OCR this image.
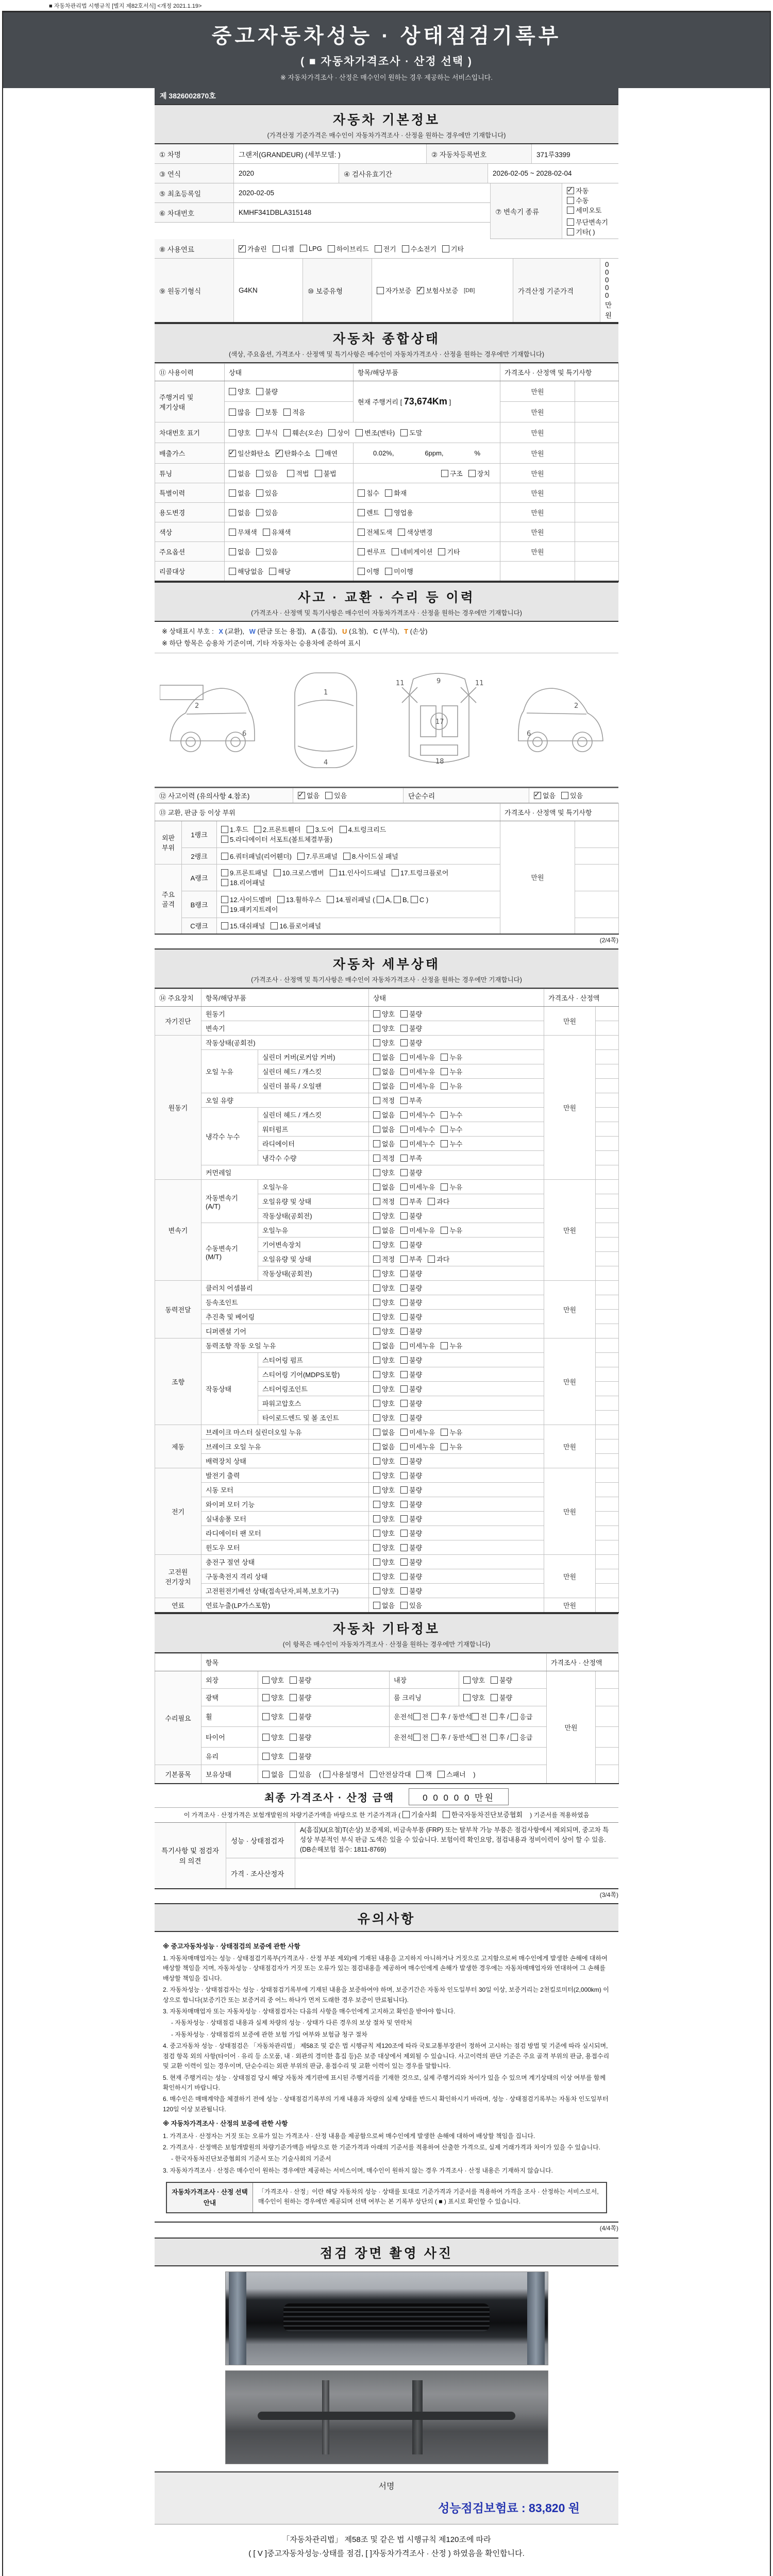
■ 자동차관리법 시행규칙 [별지 제82호서식] <개정 2021.1.19>
중고자동차성능 · 상태점검기록부
( ■ 자동차가격조사 · 산정 선택 )
※ 자동차가격조사 · 산정은 매수인이 원하는 경우 제공하는 서비스입니다.
제 3826002870호
자동차 기본정보
(가격산정 기준가격은 매수인이 자동차가격조사 · 산정을 원하는 경우에만 기재합니다)
① 차명	그랜저(GRANDEUR) (세부모델: )	② 자동차등록번호	371루3399
③ 연식	2020	④ 검사유효기간	2026-02-05 ~ 2028-02-04
⑤ 최초등록일	2020-02-05
⑥ 차대번호	KMHF341DBLA315148	⑦ 변속기 종류
✓자동수동세미오토
무단변속기기타( )
⑧ 사용연료 ✓	가솔린	디젤	LPG	하이브리드	전기	수소전기	기타
⑨ 원동기형식	G4KN	⑩ 보증유형	자가보증 ✓	보험사보증 [DB]	가격산정 기준가격
0 0 0 0 0 만원
자동차 종합상태
(색상, 주요옵션, 가격조사 · 산정액 및 특기사항은 매수인이 자동차가격조사 · 산정을 원하는 경우에만 기재합니다)
⑪ 사용이력	상태	항목/해당부품	가격조사 · 산정액 및 특기사항	
주행거리 및 계기상태	양호 불량	현재 주행거리 [ 73,674Km ]	만원	
	많음 보통 적음		만원	
차대번호 표기	양호 부식 훼손(오손) 상이 변조(변타) 도말		만원	
배출가스	✓일산화탄소 ✓ 탄화수소 매연	0.02%, 6ppm, %	만원	
튜닝	없음 있음 적법 불법	구조 장치	만원	
특별이력	없음 있음	침수 화재	만원	
용도변경	없음 있음	렌트 영업용	만원	
색상	무채색 유채색	전체도색 색상변경	만원	
주요옵션	없음 있음	썬루프 네비게이션 기타	만원	
리콜대상	해당없음 해당	이행 미이행		
사고 · 교환 · 수리 등 이력
(가격조사 · 산정액 및 특기사항은 매수인이 자동차가격조사 · 산정을 원하는 경우에만 기재합니다)
※ 상태표시 부호 : X (교환), W (판금 또는 용접), A (흠집), U (요철), C (부식), T (손상)
※ 하단 항목은 승용차 기준이며, 기타 자동차는 승용차에 준하여 표시
2
6
1
4
11	11
9
17
18
2
6
⑫ 사고이력 (유의사항 4.참조) ✓	없음	있음	단순수리 ✓	없음	있음
⑬ 교환, 판금 등 이상 부위			가격조사 · 산정액 및 특기사항	
외판 부위	1랭크	1.후드 2.프론트휀더 3.도어 4.트렁크리드
5.라디에이터 서포트(볼트체결부품)	만원	
	2랭크	6.쿼터패널(리어휀더) 7.루프패널 8.사이드실 패널		
주요 골격	A랭크	9.프론트패널 10.크로스멤버 11.인사이드패널 17.트렁크플로어
18.리어패널		
	B랭크	12.사이드멤버 13.휠하우스 14.필러패널 ( A, B, C )
19.패키지트레이		
	C랭크	15.대쉬패널 16.플로어패널		
(2/4쪽)
자동차 세부상태
(가격조사 · 산정액 및 특기사항은 매수인이 자동차가격조사 · 산정을 원하는 경우에만 기재합니다)
⑭ 주요장치	항목/해당부품		상태	가격조사 · 산정액	
자기진단	원동기		양호 불량	만원	
	변속기		양호 불량		
원동기	작동상태(공회전)		양호 불량	만원	
	오일 누유	실린더 커버(로커암 커버)	없음 미세누유 누유		
		실린더 헤드 / 개스킷	없음 미세누유 누유		
		실린더 블록 / 오일팬	없음 미세누유 누유		
	오일 유량		적정 부족		
	냉각수 누수	실린더 헤드 / 개스킷	없음 미세누수 누수		
		워터펌프	없음 미세누수 누수		
		라디에이터	없음 미세누수 누수		
		냉각수 수량	적정 부족		
	커먼레일		양호 불량		
변속기	자동변속기 (A/T)	오일누유	없음 미세누유 누유	만원	
		오일유량 및 상태	적정 부족 과다		
		작동상태(공회전)	양호 불량		
	수동변속기 (M/T)	오일누유	없음 미세누유 누유		
		기어변속장치	양호 불량		
		오일유량 및 상태	적정 부족 과다		
		작동상태(공회전)	양호 불량		
동력전달	클러치 어셈블리		양호 불량	만원	
	등속조인트		양호 불량		
	추진축 및 베어링		양호 불량		
	디퍼렌셜 기어		양호 불량		
조향	동력조향 작동 오일 누유		없음 미세누유 누유	만원	
	작동상태	스티어링 펌프	양호 불량		
		스티어링 기어(MDPS포함)	양호 불량		
		스티어링조인트	양호 불량		
		파워고압호스	양호 불량		
		타이로드엔드 및 볼 조인트	양호 불량		
제동	브레이크 마스터 실린더오일 누유		없음 미세누유 누유	만원	
	브레이크 오일 누유		없음 미세누유 누유		
	배력장치 상태		양호 불량		
전기	발전기 출력		양호 불량	만원	
	시동 모터		양호 불량		
	와이퍼 모터 기능		양호 불량		
	실내송풍 모터		양호 불량		
	라디에이터 팬 모터		양호 불량		
	윈도우 모터		양호 불량		
고전원 전기장치	충전구 절연 상태		양호 불량	만원	
	구동축전지 격리 상태		양호 불량		
	고전원전기배선 상태(접속단자,피복,보호기구)		양호 불량		
연료	연료누출(LP가스포함)		없음 있음	만원	
자동차 기타정보
(이 항목은 매수인이 자동차가격조사 · 산정을 원하는 경우에만 기재합니다)
	항목				가격조사 · 산정액	
수리필요	외장	양호 불량	내장	양호 불량	만원	
	광택	양호 불량	룸 크리닝	양호 불량		
	휠	양호 불량	운전석 전 후 / 동반석 전 후 / 응급			
	타이어	양호 불량	운전석 전 후 / 동반석 전 후 / 응급			
	유리	양호 불량				
기본품목	보유상태	없음 있음 ( 사용설명서 안전삼각대 잭 스패너 )				
최종 가격조사 · 산정 금액	0 0 0 0 0 만원
이 가격조사 · 산정가격은 보험개발원의 차량기준가액을 바탕으로 한 기준가격과 ( 기술사회 한국자동차진단보증협회 ) 기준서를 적용하였음
특기사항 및 점검자의 의견
성능 · 상태점검자
A(흠집)U(요철)T(손상) 보증제외, 비금속부품 (FRP) 또는 탈부착 가능 부품은 점검사항에서 제외되며, 중고차 특성상 부분적인 부식 판금 도색은 있을 수 있습니다. 보험이력 확인요망, 점검내용과 정비이력이 상이 할 수 있음. (DB손해보험 접수: 1811-8769)
가격 · 조사산정자
(3/4쪽)
유의사항
※ 중고자동차성능 · 상태점검의 보증에 관한 사항

1. 자동차매매업자는 성능 · 상태점검기록부(가격조사 · 산정 부분 제외)에 기재된 내용을 고지하지 아니하거나 거짓으로 고지함으로써 매수인에게 발생한 손해에 대하여 배상할 책임을 지며, 자동차성능 · 상태점검자가 거짓 또는 오류가 있는 점검내용을 제공하여 매수인에게 손해가 발생한 경우에는 자동차매매업자와 연대하여 그 손해를 배상할 책임을 집니다.

2. 자동차성능 · 상태점검자는 성능 · 상태점검기록부에 기재된 내용을 보증하여야 하며, 보증기간은 자동차 인도일부터 30일 이상, 보증거리는 2천킬로미터(2,000km) 이상으로 합니다(보증기간 또는 보증거리 중 어느 하나가 먼저 도래한 경우 보증이 만료됩니다).

3. 자동차매매업자 또는 자동차성능 · 상태점검자는 다음의 사항을 매수인에게 고지하고 확인을 받아야 합니다.

- 자동차성능 · 상태점검 내용과 실제 차량의 성능 · 상태가 다른 경우의 보상 절차 및 연락처

- 자동차성능 · 상태점검의 보증에 관한 보험 가입 여부와 보험금 청구 절차

4. 중고자동차 성능 · 상태점검은 「자동차관리법」 제58조 및 같은 법 시행규칙 제120조에 따라 국토교통부장관이 정하여 고시하는 점검 방법 및 기준에 따라 실시되며, 점검 항목 외의 사항(타이어 · 유리 등 소모품, 내 · 외관의 경미한 흠집 등)은 보증 대상에서 제외될 수 있습니다. 사고이력의 판단 기준은 주요 골격 부위의 판금, 용접수리 및 교환 이력이 있는 경우이며, 단순수리는 외판 부위의 판금, 용접수리 및 교환 이력이 있는 경우를 말합니다.

5. 현재 주행거리는 성능 · 상태점검 당시 해당 자동차 계기판에 표시된 주행거리를 기재한 것으로, 실제 주행거리와 차이가 있을 수 있으며 계기상태의 이상 여부를 함께 확인하시기 바랍니다.

6. 매수인은 매매계약을 체결하기 전에 성능 · 상태점검기록부의 기재 내용과 차량의 실제 상태를 반드시 확인하시기 바라며, 성능 · 상태점검기록부는 자동차 인도일부터 120일 이상 보관됩니다.

※ 자동차가격조사 · 산정의 보증에 관한 사항

1. 가격조사 · 산정자는 거짓 또는 오류가 있는 가격조사 · 산정 내용을 제공함으로써 매수인에게 발생한 손해에 대하여 배상할 책임을 집니다.

2. 가격조사 · 산정액은 보험개발원의 차량기준가액을 바탕으로 한 기준가격과 아래의 기준서를 적용하여 산출한 가격으로, 실제 거래가격과 차이가 있을 수 있습니다.

- 한국자동차진단보증협회의 기준서 또는 기술사회의 기준서

3. 자동차가격조사 · 산정은 매수인이 원하는 경우에만 제공하는 서비스이며, 매수인이 원하지 않는 경우 가격조사 · 산정 내용은 기재하지 않습니다.

자동차가격조사 · 산정 선택안내
「가격조사 · 산정」이란 해당 자동차의 성능 · 상태를 토대로 기준가격과 기준서를 적용하여 가격을 조사 · 산정하는 서비스로서, 매수인이 원하는 경우에만 제공되며 선택 여부는 본 기록부 상단의 ( ■ ) 표시로 확인할 수 있습니다.
(4/4쪽)
점검 장면 촬영 사진
서명
성능점검보험료 : 83,820 원
「자동차관리법」 제58조 및 같은 법 시행규칙 제120조에 따라
( [ V ]중고자동차성능·상태를 점검, [ ]자동차가격조사 · 산정 ) 하였음을 확인합니다.
